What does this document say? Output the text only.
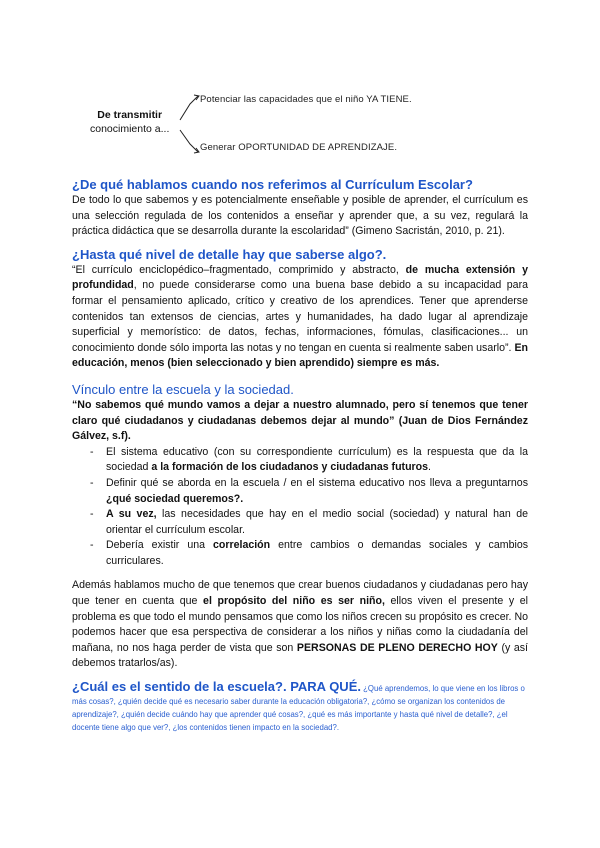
De transmitir
conocimiento a...
Potenciar las capacidades que el niño YA TIENE.
Generar OPORTUNIDAD DE APRENDIZAJE.
¿De qué hablamos cuando nos referimos al Currículum Escolar?

De todo lo que sabemos y es potencialmente enseñable y posible de aprender, el currículum es una selección regulada de los contenidos a enseñar y aprender que, a su vez, regulará la práctica didáctica que se desarrolla durante la escolaridad” (Gimeno Sacristán, 2010, p. 21).

¿Hasta qué nivel de detalle hay que saberse algo?.

“El currículo enciclopédico–fragmentado, comprimido y abstracto, de mucha extensión y profundidad, no puede considerarse como una buena base debido a su incapacidad para formar el pensamiento aplicado, crítico y creativo de los aprendices. Tener que aprenderse contenidos tan extensos de ciencias, artes y humanidades, ha dado lugar al aprendizaje superficial y memorístico: de datos, fechas, informaciones, fómulas, clasificaciones... un conocimiento donde sólo importa las notas y no tengan en cuenta si realmente saben usarlo”. En educación, menos (bien seleccionado y bien aprendido) siempre es más.

Vínculo entre la escuela y la sociedad.

“No sabemos qué mundo vamos a dejar a nuestro alumnado, pero sí tenemos que tener claro qué ciudadanos y ciudadanas debemos dejar al mundo” (Juan de Dios Fernández Gálvez, s.f).

- El sistema educativo (con su correspondiente currículum) es la respuesta que da la sociedad a la formación de los ciudadanos y ciudadanas futuros.
- Definir qué se aborda en la escuela / en el sistema educativo nos lleva a preguntarnos ¿qué sociedad queremos?.
- A su vez, las necesidades que hay en el medio social (sociedad) y natural han de orientar el currículum escolar.
- Debería existir una correlación entre cambios o demandas sociales y cambios curriculares.

Además hablamos mucho de que tenemos que crear buenos ciudadanos y ciudadanas pero hay que tener en cuenta que el propósito del niño es ser niño, ellos viven el presente y el problema es que todo el mundo pensamos que como los niños crecen su propósito es crecer. No podemos hacer que esa perspectiva de considerar a los niños y niñas como la ciudadanía del mañana, no nos haga perder de vista que son PERSONAS DE PLENO DERECHO HOY (y así debemos tratarlos/as).

¿Cuál es el sentido de la escuela?. PARA QUÉ. ¿Qué aprendemos, lo que viene en los libros o más cosas?, ¿quién decide qué es necesario saber durante la educación obligatoria?, ¿cómo se organizan los contenidos de aprendizaje?, ¿quién decide cuándo hay que aprender qué cosas?, ¿qué es más importante y hasta qué nivel de detalle?, ¿el docente tiene algo que ver?, ¿los contenidos tienen impacto en la sociedad?.
